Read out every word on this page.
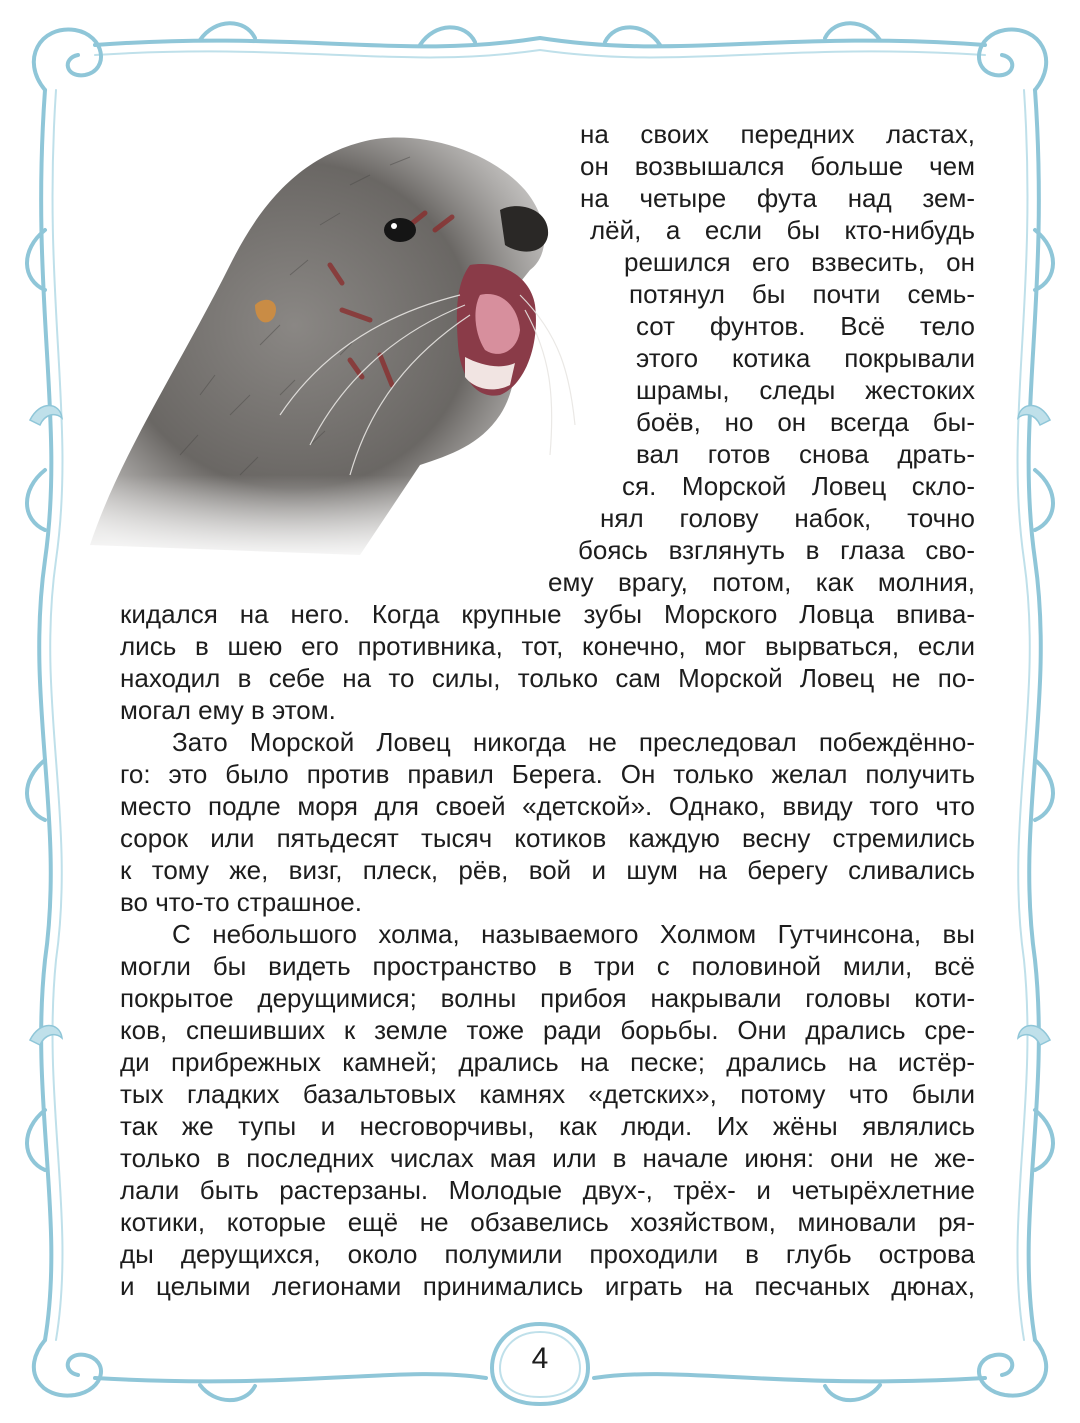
на своих передних ластах,
он возвышался больше чем
на четыре фута над зем-
лёй, а если бы кто-нибудь
решился его взвесить, он
потянул бы почти семь-
сот фунтов. Всё тело
этого котика покрывали
шрамы, следы жестоких
боёв, но он всегда бы-
вал готов снова драть-
ся. Морской Ловец скло-
нял голову набок, точно
боясь взглянуть в глаза сво-
ему врагу, потом, как молния,
кидался на него. Когда крупные зубы Морского Ловца впива-
лись в шею его противника, тот, конечно, мог вырваться, если
находил в себе на то силы, только сам Морской Ловец не по-
могал ему в этом.
Зато Морской Ловец никогда не преследовал побеждённо-
го: это было против правил Берега. Он только желал получить
место подле моря для своей «детской». Однако, ввиду того что
сорок или пятьдесят тысяч котиков каждую весну стремились
к тому же, визг, плеск, рёв, вой и шум на берегу сливались
во что-то страшное.
С небольшого холма, называемого Холмом Гутчинсона, вы
могли бы видеть пространство в три с половиной мили, всё
покрытое дерущимися; волны прибоя накрывали головы коти-
ков, спешивших к земле тоже ради борьбы. Они дрались сре-
ди прибрежных камней; дрались на песке; дрались на истёр-
тых гладких базальтовых камнях «детских», потому что были
так же тупы и несговорчивы, как люди. Их жёны являлись
только в последних числах мая или в начале июня: они не же-
лали быть растерзаны. Молодые двух-, трёх- и четырёхлетние
котики, которые ещё не обзавелись хозяйством, миновали ря-
ды дерущихся, около полумили проходили в глубь острова
и целыми легионами принимались играть на песчаных дюнах,
4
